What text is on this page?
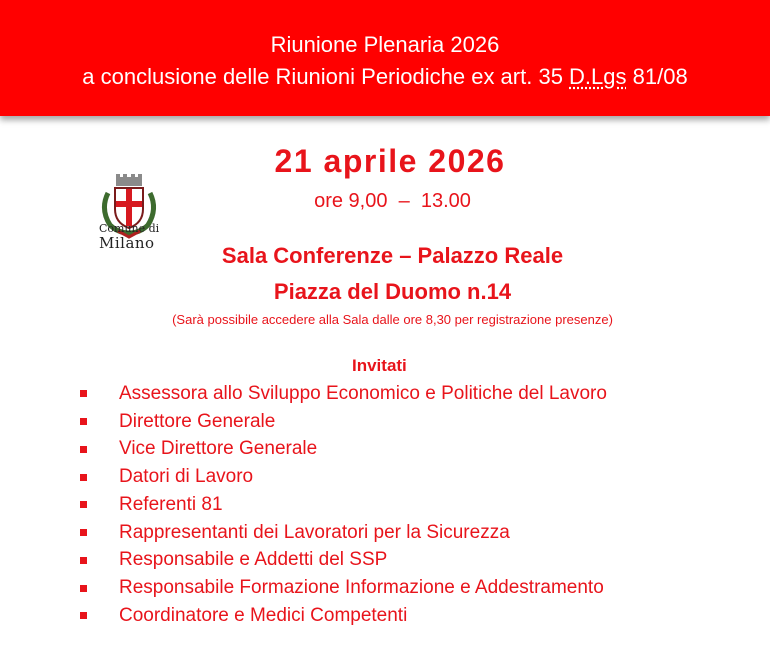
Riunione Plenaria 2026
a conclusione delle Riunioni Periodiche ex art. 35 D.Lgs 81/08
Comune di
Milano
21 aprile 2026
ore 9,00  –  13.00
Sala Conferenze – Palazzo Reale
Piazza del Duomo n.14
(Sarà possibile accedere alla Sala dalle ore 8,30 per registrazione presenze)
Invitati
Assessora allo Sviluppo Economico e Politiche del Lavoro
Direttore Generale
Vice Direttore Generale
Datori di Lavoro
Referenti 81
Rappresentanti dei Lavoratori per la Sicurezza
Responsabile e Addetti del SSP
Responsabile Formazione Informazione e Addestramento
Coordinatore e Medici Competenti
